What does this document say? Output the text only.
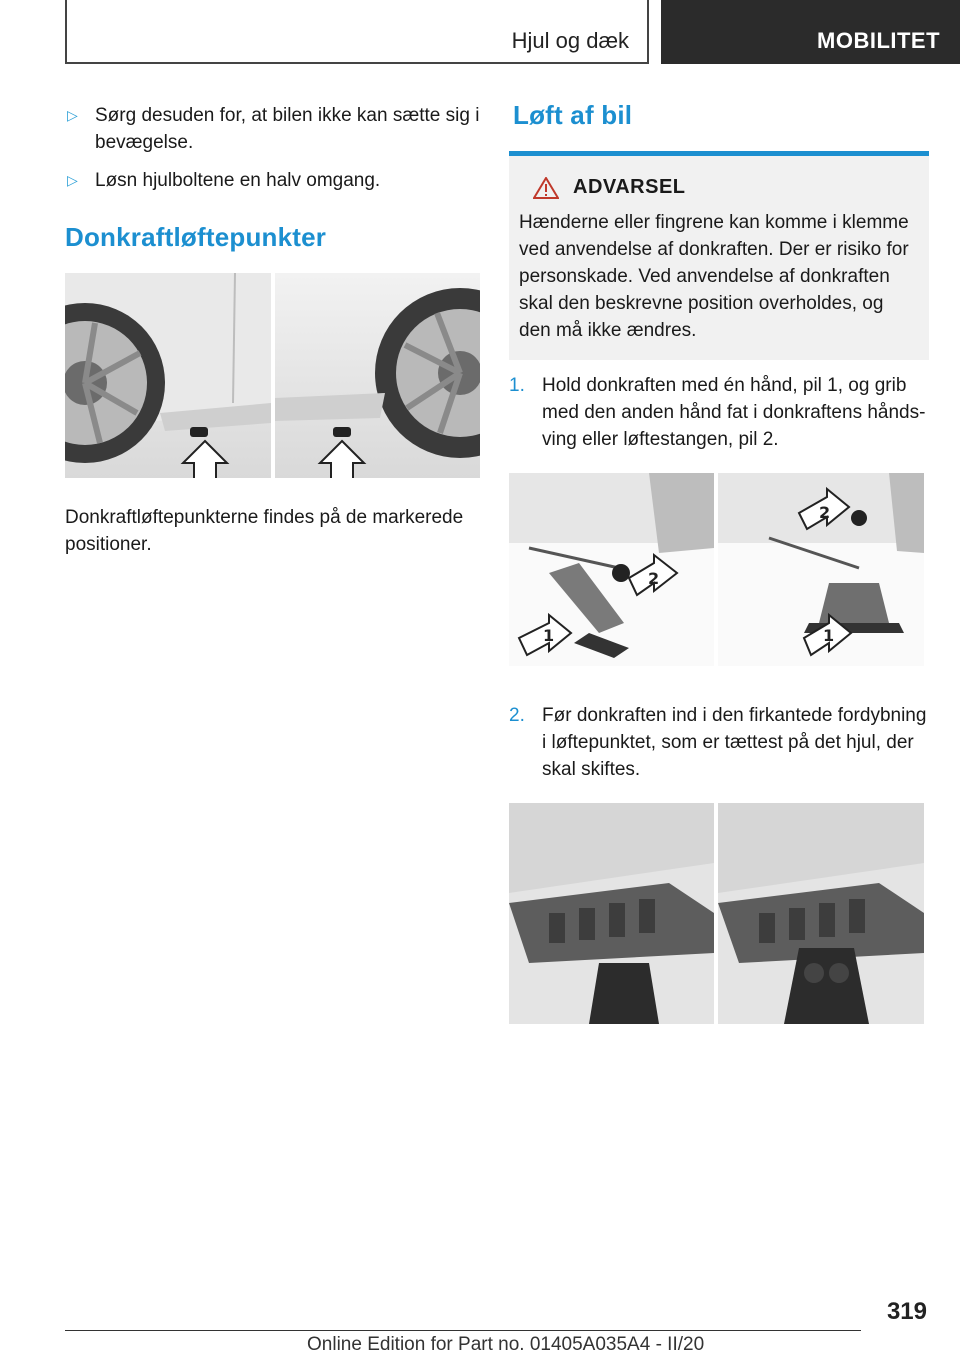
Hjul og dæk	MOBILITET
▷ Sørg desuden for, at bilen ikke kan sætte sig i bevægelse.
▷ Løsn hjulboltene en halv omgang.
Donkraftløftepunkter
Donkraftløftepunkterne findes på de markerede positioner.
Løft af bil
ADVARSEL
Hænderne eller fingrene kan komme i klemme ved anvendelse af donkraften. Der er risiko for personskade. Ved anvendelse af donkraften skal den beskrevne position overholdes, og den må ikke ændres.
1. Hold donkraften med én hånd, pil 1, og grib med den anden hånd fat i donkraftens hånds-ving eller løftestangen, pil 2.
1
2
2
1
2. Før donkraften ind i den firkantede fordybning i løftepunktet, som er tættest på det hjul, der skal skiftes.
319
Online Edition for Part no. 01405A035A4 - II/20
